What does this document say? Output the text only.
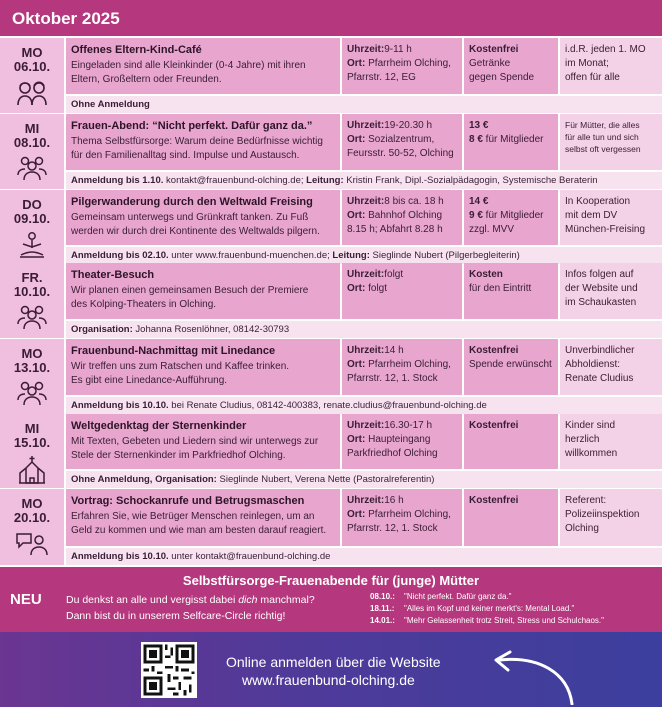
Oktober 2025
MO
06.10.
Offenes Eltern-Kind-Café
Eingeladen sind alle Kleinkinder (0-4 Jahre) mit ihren
Eltern, Großeltern oder Freunden.
Uhrzeit:9-11 h
Ort: Pfarrheim Olching,
Pfarrstr. 12, EG
Kostenfrei
Getränke
gegen Spende
i.d.R. jeden 1. MO
im Monat;
offen für alle
Ohne Anmeldung
MI
08.10.
Frauen-Abend: “Nicht perfekt. Dafür ganz da.”
Thema Selbstfürsorge: Warum deine Bedürfnisse wichtig
für den Familienalltag sind. Impulse und Austausch.
Uhrzeit:19-20.30 h
Ort: Sozialzentrum,
Feursstr. 50-52, Olching
13 €
8 € für Mitglieder
Für Mütter, die alles
für alle tun und sich
selbst oft vergessen
Anmeldung bis 1.10. kontakt@frauenbund-olching.de; Leitung: Kristin Frank, Dipl.-Sozialpädagogin, Systemische Beraterin
DO
09.10.
Pilgerwanderung durch den Weltwald Freising
Gemeinsam unterwegs und Grünkraft tanken. Zu Fuß
werden wir durch drei Kontinente des Weltwalds pilgern.
Uhrzeit:8 bis ca. 18 h
Ort: Bahnhof Olching
8.15 h; Abfahrt 8.28 h
14 €
9 € für Mitglieder
zzgl. MVV
In Kooperation
mit dem DV
München-Freising
Anmeldung bis 02.10. unter www.frauenbund-muenchen.de; Leitung: Sieglinde Nubert (Pilgerbegleiterin)
FR.
10.10.
Theater-Besuch
Wir planen einen gemeinsamen Besuch der Premiere
des Kolping-Theaters in Olching.
Uhrzeit:folgt
Ort: folgt
Kosten
für den Eintritt
Infos folgen auf
der Website und
im Schaukasten
Organisation: Johanna Rosenlöhner, 08142-30793
MO
13.10.
Frauenbund-Nachmittag mit Linedance
Wir treffen uns zum Ratschen und Kaffee trinken.
Es gibt eine Linedance-Aufführung.
Uhrzeit:14 h
Ort: Pfarrheim Olching,
Pfarrstr. 12, 1. Stock
Kostenfrei
Spende erwünscht
Unverbindlicher
Abholdienst:
Renate Cludius
Anmeldung bis 10.10. bei Renate Cludius, 08142-400383, renate.cludius@frauenbund-olching.de
MI
15.10.
Weltgedenktag der Sternenkinder
Mit Texten, Gebeten und Liedern sind wir unterwegs zur
Stele der Sternenkinder im Parkfriedhof Olching.
Uhrzeit:16.30-17 h
Ort: Haupteingang
Parkfriedhof Olching
Kostenfrei	Kinder sind
herzlich
willkommen
Ohne Anmeldung, Organisation: Sieglinde Nubert, Verena Nette (Pastoralreferentin)
MO
20.10.
Vortrag: Schockanrufe und Betrugsmaschen
Erfahren Sie, wie Betrüger Menschen reinlegen, um an
Geld zu kommen und wie man am besten darauf reagiert.
Uhrzeit:16 h
Ort: Pfarrheim Olching,
Pfarrstr. 12, 1. Stock
Kostenfrei	Referent:
Polizeiinspektion
Olching
Anmeldung bis 10.10. unter kontakt@frauenbund-olching.de
NEU
Selbstfürsorge-Frauenabende für (junge) Mütter
Du denkst an alle und vergisst dabei dich manchmal?
Dann bist du in unserem Selfcare-Circle richtig!
08.10.: "Nicht perfekt. Dafür ganz da."
18.11.: "Alles im Kopf und keiner merkt's: Mental Load."
14.01.: "Mehr Gelassenheit trotz Streit, Stress und Schulchaos."
Online anmelden über die Website
www.frauenbund-olching.de
